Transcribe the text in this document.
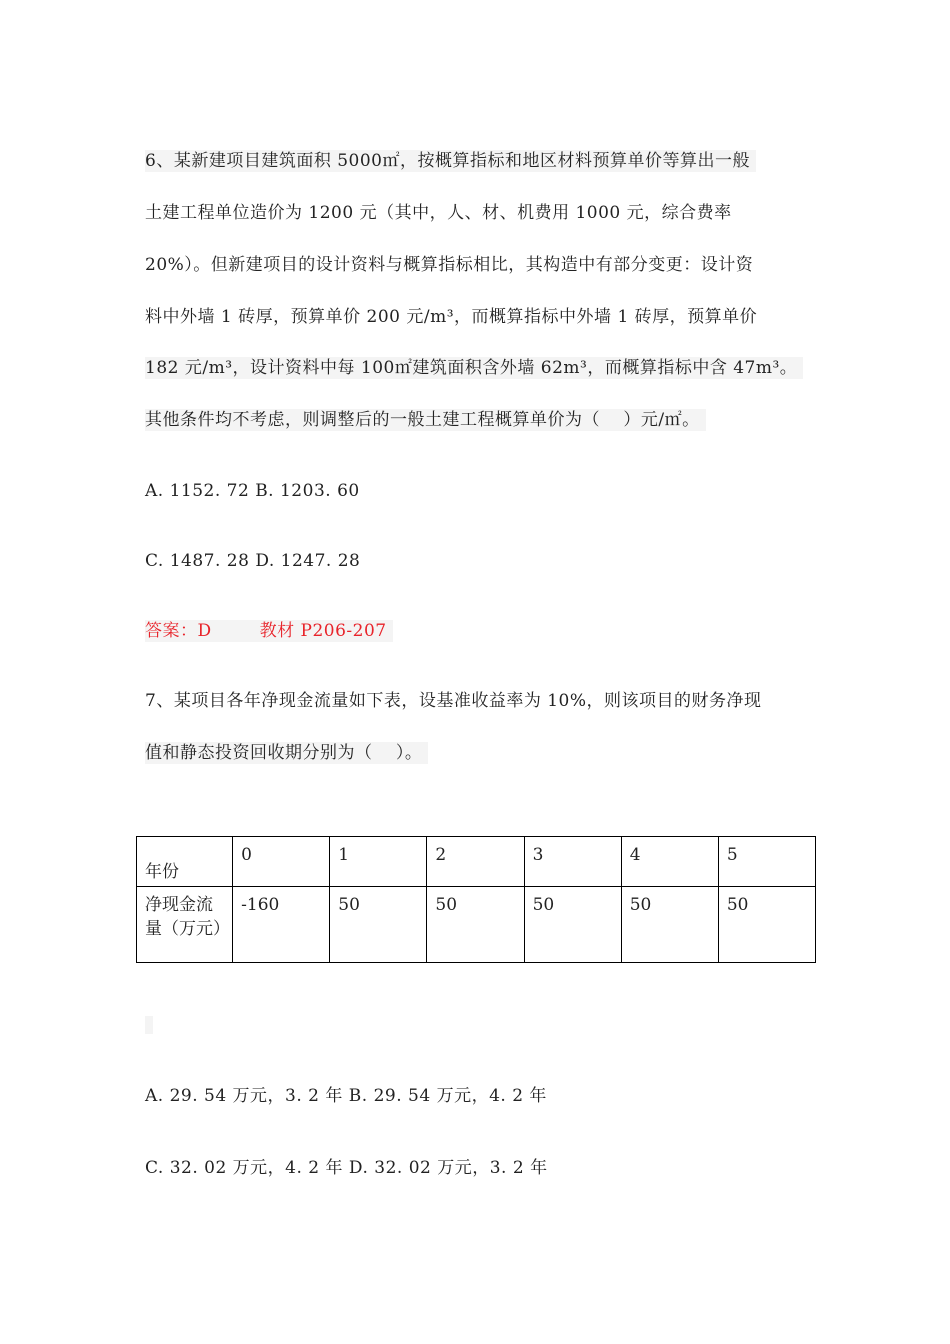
6、某新建项目建筑面积 5000㎡，按概算指标和地区材料预算单价等算出一般
土建工程单位造价为 1200 元（其中，人、材、机费用 1000 元，综合费率
20%）。但新建项目的设计资料与概算指标相比，其构造中有部分变更：设计资
料中外墙 1 砖厚，预算单价 200 元/m³，而概算指标中外墙 1 砖厚，预算单价
182 元/m³，设计资料中每 100㎡建筑面积含外墙 62m³，而概算指标中含 47m³。
其他条件均不考虑，则调整后的一般土建工程概算单价为（　 ）元/㎡。
A. 1152. 72 B. 1203. 60
C. 1487. 28 D. 1247. 28
答案：D	教材 P206-207
7、某项目各年净现金流量如下表，设基准收益率为 10%，则该项目的财务净现
值和静态投资回收期分别为（　 ）。
年份	0	1	2	3	4	5
净现金流量（万元）	-160	50	50	50	50	50
A. 29. 54 万元，3. 2 年 B. 29. 54 万元，4. 2 年
C. 32. 02 万元，4. 2 年 D. 32. 02 万元，3. 2 年
